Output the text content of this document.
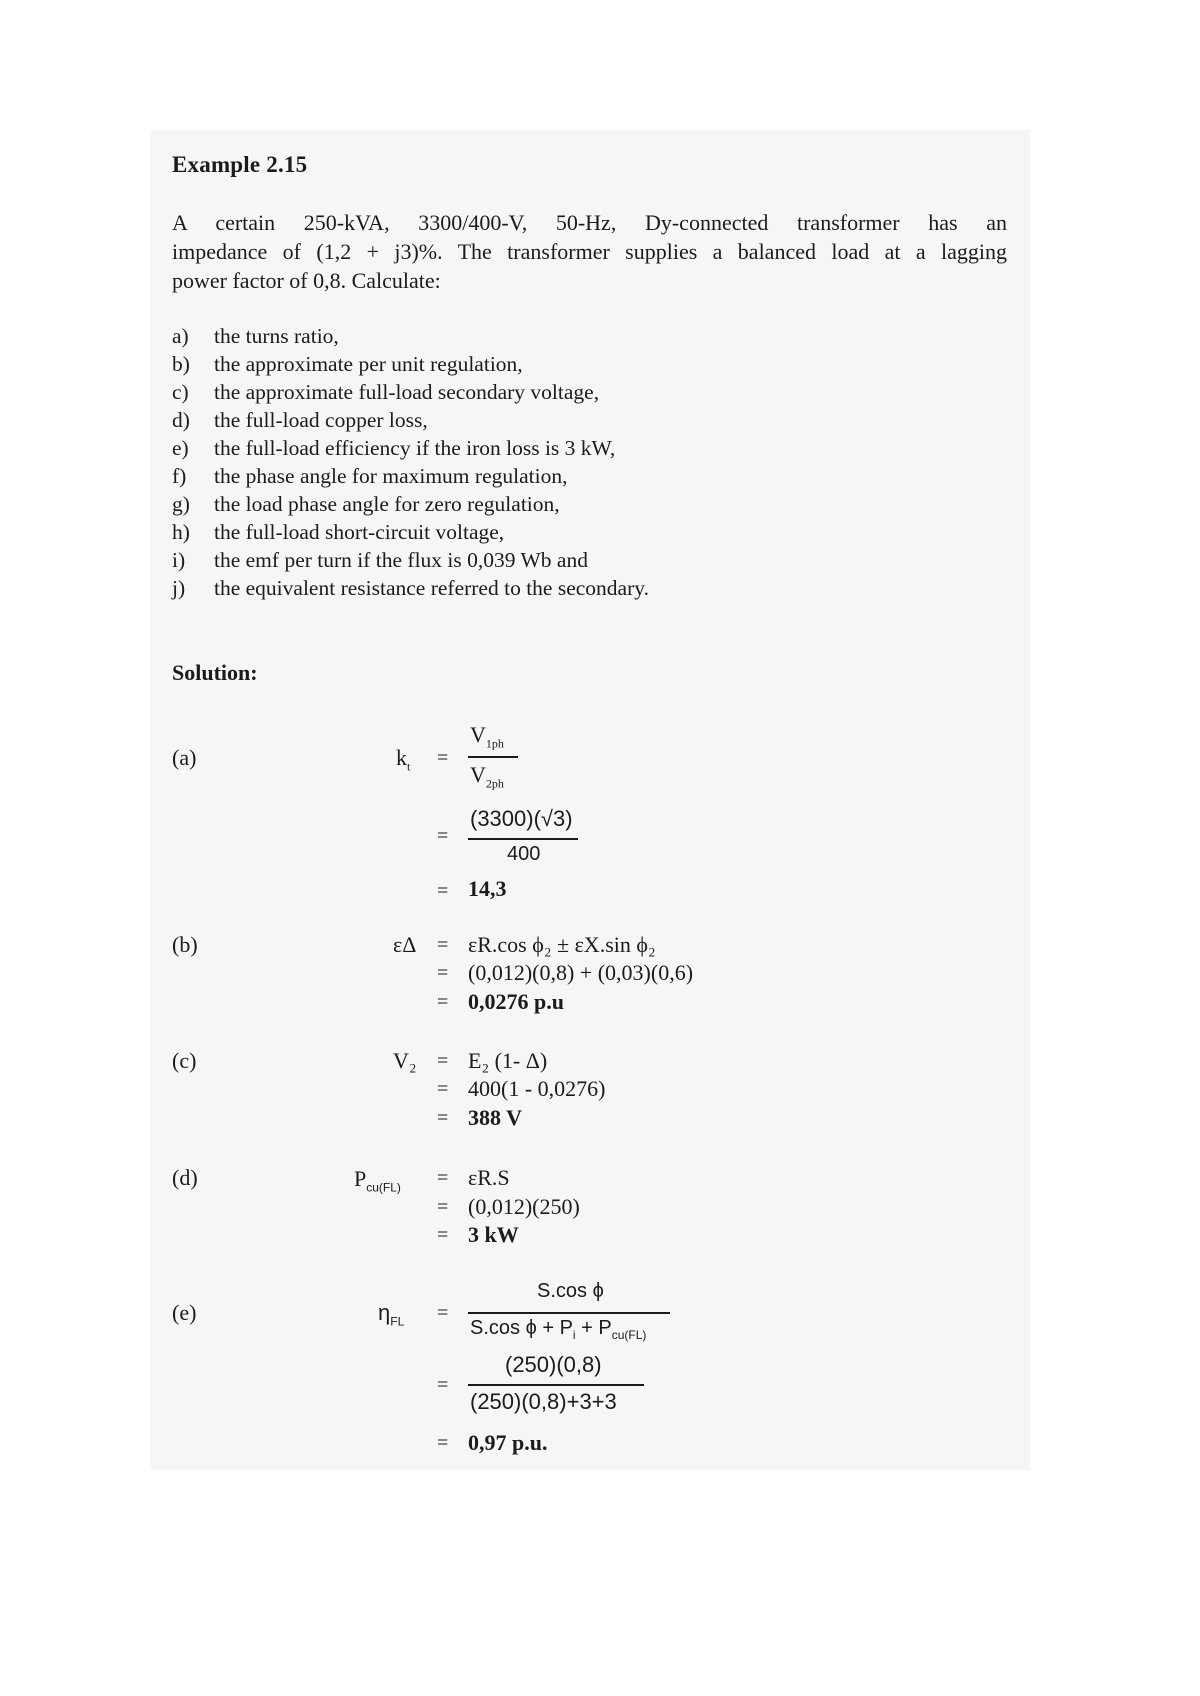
Example 2.15
A certain 250-kVA, 3300/400-V, 50-Hz, Dy-connected transformer has an
impedance of (1,2 + j3)%. The transformer supplies a balanced load at a lagging
power factor of 0,8. Calculate:
a) the turns ratio,
b) the approximate per unit regulation,
c) the approximate full-load secondary voltage,
d) the full-load copper loss,
e) the full-load efficiency if the iron loss is 3 kW,
f) the phase angle for maximum regulation,
g) the load phase angle for zero regulation,
h) the full-load short-circuit voltage,
i) the emf per turn if the flux is 0,039 Wb and
j) the equivalent resistance referred to the secondary.
Solution:
(a)	$k_t$ =
$V_{1ph}$
$V_{2ph}$
=
(3300)(√3)
400
= 14,3
(b)	εΔ = εR.cos ϕ₂ ± εX.sin ϕ₂
= (0,012)(0,8) + (0,03)(0,6)
= 0,0276 p.u
(c)	V₂ = E₂ (1- Δ)
= 400(1 - 0,0276)
= 388 V
(d)	$P_{cu(FL)} = \varepsilon R.S$
= (0,012)(250)
= 3 kW
(e)	$\eta_{FL}$ =
S.cos ϕ
S.cos $\phi + P_i + P_{cu(FL)}$
=
(250)(0,8)
(250)(0,8)+3+3
= 0,97 p.u.
